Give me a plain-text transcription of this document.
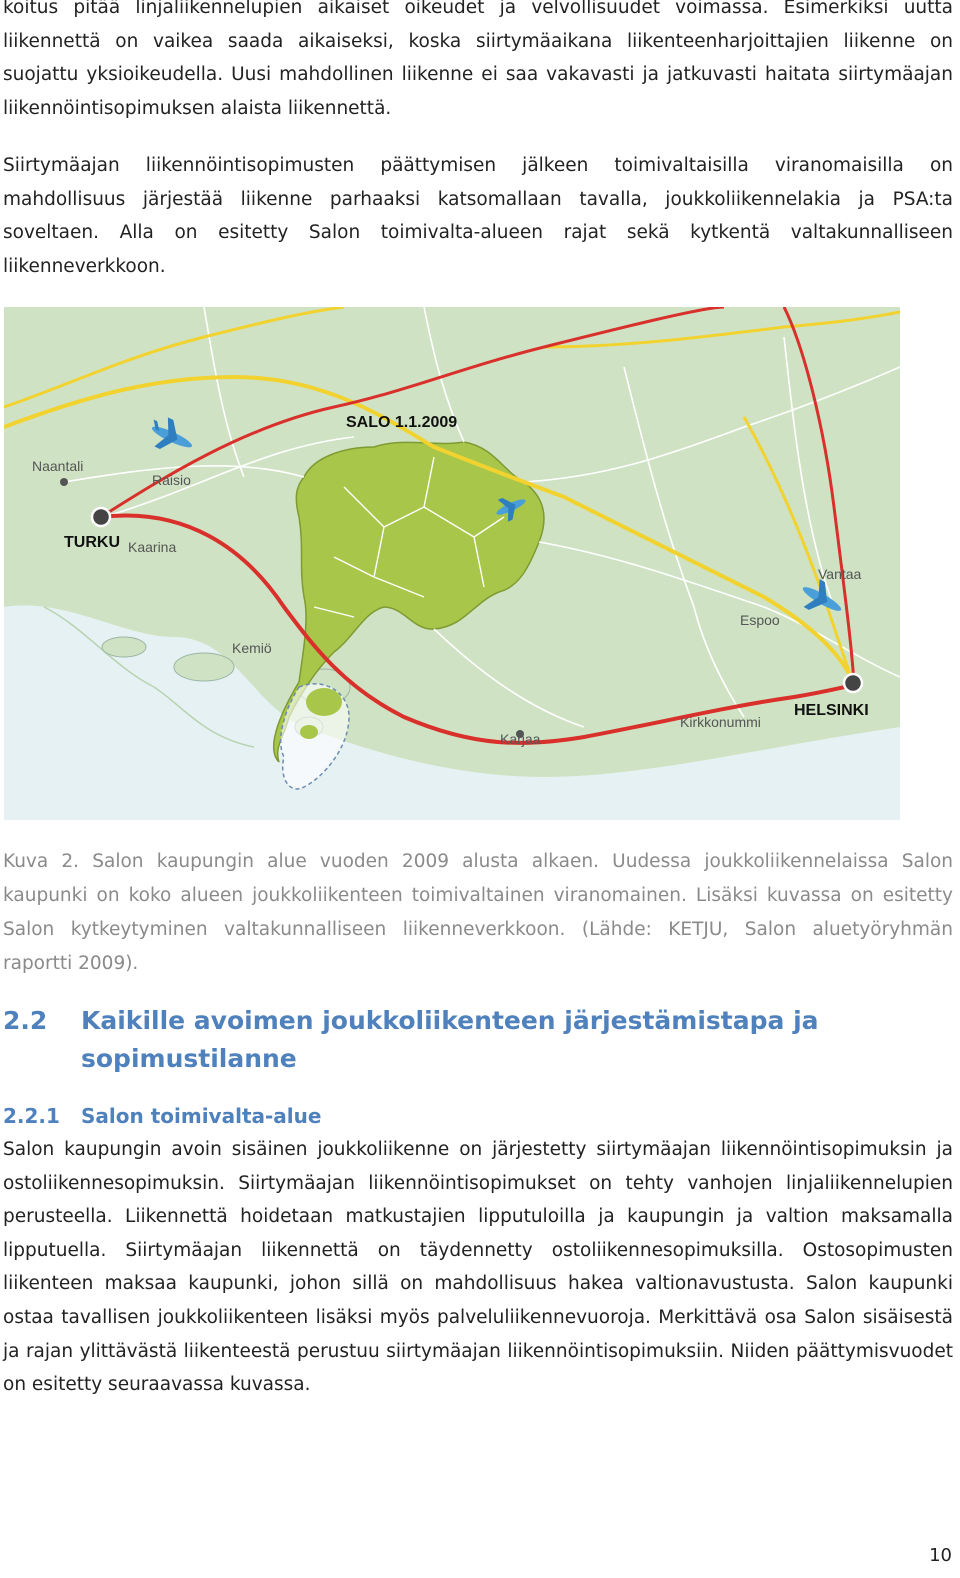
koitus pitää linjaliikennelupien aikaiset oikeudet ja velvollisuudet voimassa. Esimerkiksi uutta liikennettä on vaikea saada aikaiseksi, koska siirtymäaikana liikenteenharjoittajien liikenne on suojattu yksioikeudella. Uusi mahdollinen liikenne ei saa vakavasti ja jatkuvasti haitata siirtymäajan liikennöintisopimuksen alaista liikennettä.

Siirtymäajan liikennöintisopimusten päättymisen jälkeen toimivaltaisilla viranomaisilla on mahdollisuus järjestää liikenne parhaaksi katsomallaan tavalla, joukkoliikennelakia ja PSA:ta soveltaen. Alla on esitetty Salon toimivalta-alueen rajat sekä kytkentä valtakunnalliseen liikenneverkkoon.

SALO 1.1.2009
Naantali
Raisio
TURKU Kaarina
Kemiö
Karjaa
Kirkkonummi
Espoo
Vantaa
HELSINKI

Kuva 2. Salon kaupungin alue vuoden 2009 alusta alkaen. Uudessa joukkoliikennelaissa Salon kaupunki on koko alueen joukkoliikenteen toimivaltainen viranomainen. Lisäksi kuvassa on esitetty Salon kytkeytyminen valtakunnalliseen liikenneverkkoon. (Lähde: KETJU, Salon aluetyöryhmän raportti 2009).

2.2	Kaikille avoimen joukkoliikenteen järjestämistapa ja sopimustilanne
2.2.1	Salon toimivalta-alue

Salon kaupungin avoin sisäinen joukkoliikenne on järjestetty siirtymäajan liikennöintisopimuksin ja ostoliikennesopimuksin. Siirtymäajan liikennöintisopimukset on tehty vanhojen linjaliikennelupien perusteella. Liikennettä hoidetaan matkustajien lipputuloilla ja kaupungin ja valtion maksamalla lipputuella. Siirtymäajan liikennettä on täydennetty ostoliikennesopimuksilla. Ostosopimusten liikenteen maksaa kaupunki, johon sillä on mahdollisuus hakea valtionavustusta. Salon kaupunki ostaa tavallisen joukkoliikenteen lisäksi myös palveluliikennevuoroja. Merkittävä osa Salon sisäisestä ja rajan ylittävästä liikenteestä perustuu siirtymäajan liikennöintisopimuksiin. Niiden päättymisvuodet on esitetty seuraavassa kuvassa.

10
